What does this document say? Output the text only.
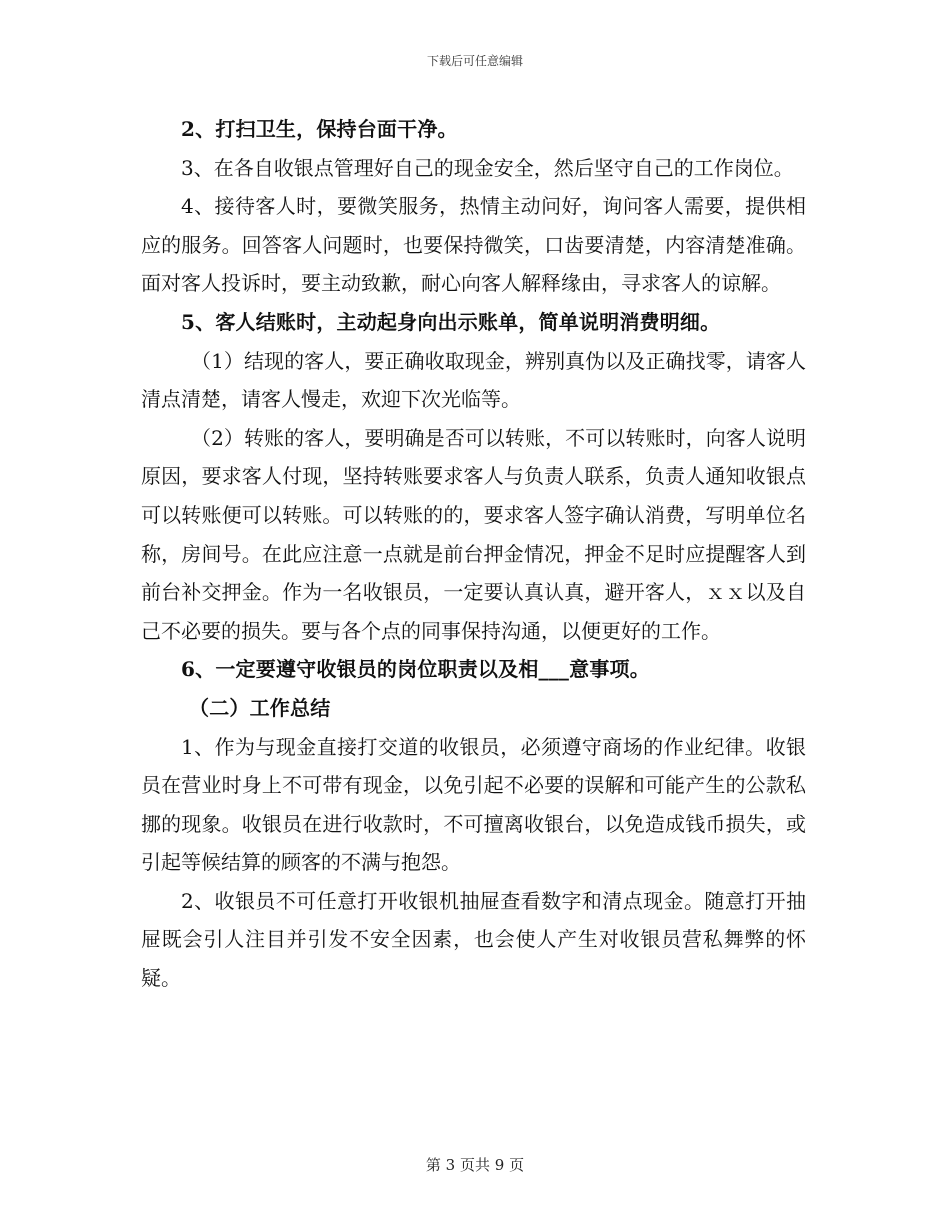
下载后可任意编辑

2、打扫卫生，保持台面干净。

3、在各自收银点管理好自己的现金安全，然后坚守自己的工作岗位。

4、接待客人时，要微笑服务，热情主动问好，询问客人需要，提供相应的服务。回答客人问题时，也要保持微笑，口齿要清楚，内容清楚准确。面对客人投诉时，要主动致歉，耐心向客人解释缘由，寻求客人的谅解。

5、客人结账时，主动起身向出示账单，简单说明消费明细。

（1）结现的客人，要正确收取现金，辨别真伪以及正确找零，请客人清点清楚，请客人慢走，欢迎下次光临等。

（2）转账的客人，要明确是否可以转账，不可以转账时，向客人说明原因，要求客人付现，坚持转账要求客人与负责人联系，负责人通知收银点可以转账便可以转账。可以转账的的，要求客人签字确认消费，写明单位名称，房间号。在此应注意一点就是前台押金情况，押金不足时应提醒客人到前台补交押金。作为一名收银员，一定要认真认真，避开客人，ｘｘ以及自己不必要的损失。要与各个点的同事保持沟通，以便更好的工作。

6、一定要遵守收银员的岗位职责以及相___意事项。

（二）工作总结

1、作为与现金直接打交道的收银员，必须遵守商场的作业纪律。收银员在营业时身上不可带有现金，以免引起不必要的误解和可能产生的公款私挪的现象。收银员在进行收款时，不可擅离收银台，以免造成钱币损失，或引起等候结算的顾客的不满与抱怨。

2、收银员不可任意打开收银机抽屉查看数字和清点现金。随意打开抽屉既会引人注目并引发不安全因素，也会使人产生对收银员营私舞弊的怀疑。

第 3 页共 9 页
